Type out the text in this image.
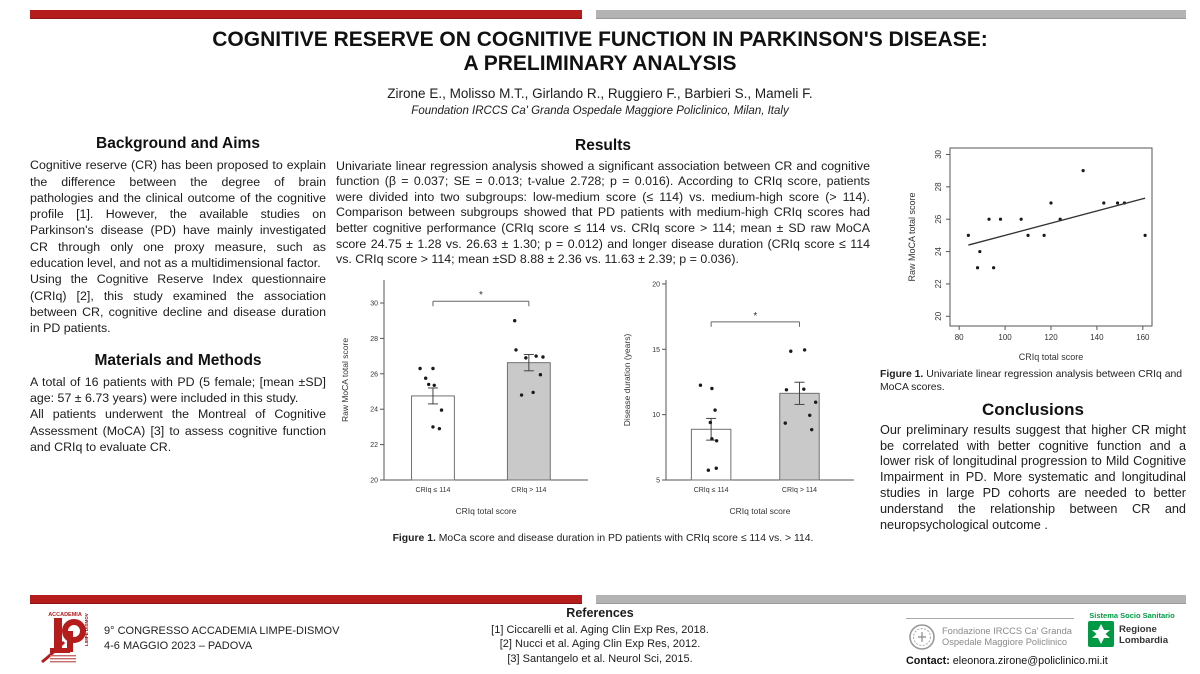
COGNITIVE RESERVE ON COGNITIVE FUNCTION IN PARKINSON'S DISEASE:
A PRELIMINARY ANALYSIS
Zirone E., Molisso M.T., Girlando R., Ruggiero F., Barbieri S., Mameli F.
Foundation IRCCS Ca' Granda Ospedale Maggiore Policlinico, Milan, Italy
Background and Aims

Cognitive reserve (CR) has been proposed to explain the difference between the degree of brain pathologies and the clinical outcome of the cognitive profile [1]. However, the available studies on Parkinson's disease (PD) have mainly investigated CR through only one proxy measure, such as education level, and not as a multidimensional factor.

Using the Cognitive Reserve Index questionnaire (CRIq) [2], this study examined the association between CR, cognitive decline and disease duration in PD patients.

Materials and Methods

A total of 16 patients with PD (5 female; [mean ±SD] age: 57 ± 6.73 years) were included in this study.

All patients underwent the Montreal of Cognitive Assessment (MoCA) [3] to assess cognitive function and CRIq to evaluate CR.

Results

Univariate linear regression analysis showed a significant association between CR and cognitive function (β = 0.037; SE = 0.013; t-value 2.728; p = 0.016). According to CRIq score, patients were divided into two subgroups: low-medium score (≤ 114) vs. medium-high score (> 114). Comparison between subgroups showed that PD patients with medium-high CRIq scores had better cognitive performance (CRIq score ≤ 114 vs. CRIq score > 114; mean ± SD raw MoCA score 24.75 ± 1.28 vs. 26.63 ± 1.30; p = 0.012) and longer disease duration (CRIq score ≤ 114 vs. CRIq score > 114; mean ±SD 8.88 ± 2.36 vs. 11.63 ± 2.39; p = 0.036).

20
22
24
26
28
30
CRIq ≤ 114	CRIq > 114
*
CRIq total score
Raw MoCA total score
5
10
15
20
CRIq ≤ 114	CRIq > 114
*
CRIq total score
Disease duration (years)
Figure 1. MoCa score and disease duration in PD patients with CRIq score ≤ 114 vs. > 114.
80	100	120	140	160
20
22
24
26
28
30
CRIq total score
Raw MoCA total score
Figure 1. Univariate linear regression analysis between CRIq and MoCA scores.
Conclusions

Our preliminary results suggest that higher CR might be correlated with better cognitive function and a lower risk of longitudinal progression to Mild Cognitive Impairment in PD. More systematic and longitudinal studies in large PD cohorts are needed to better understand the relationship between CR and neuropsychological outcome .

ACCADEMIA LIMPE DISMOV 9° CONGRESSO ACCADEMIA LIMPE-DISMOV
4-6 MAGGIO 2023 – PADOVA
References
[1] Ciccarelli et al. Aging Clin Exp Res, 2018.
[2] Nucci et al. Aging Clin Exp Res, 2012.
[3] Santangelo et al. Neurol Sci, 2015.
Sistema Socio Sanitario
Fondazione IRCCS Ca' Granda
Ospedale Maggiore Policlinico
Regione
Lombardia
Contact: eleonora.zirone@policlinico.mi.it
